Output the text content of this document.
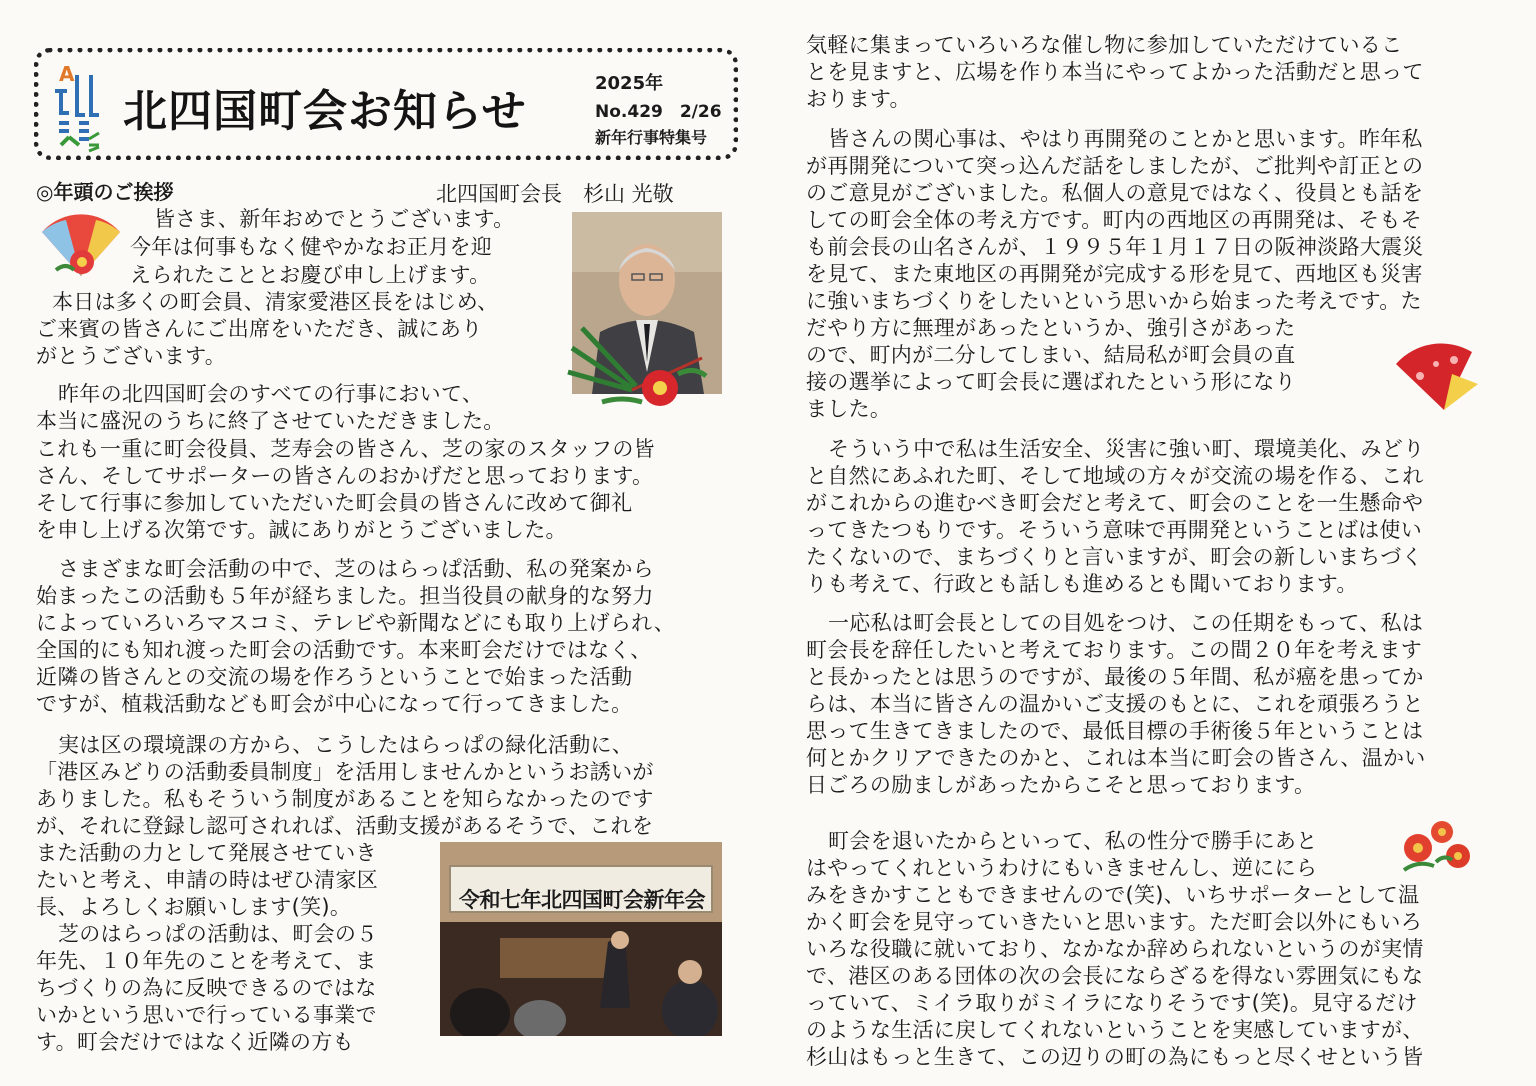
A
北四国町会お知らせ
2025年
No.429　2/26
新年行事特集号
◎年頭のご挨拶	北四国町会長　杉山 光敬
令和七年北四国町会新年会
皆さま、新年おめでとうございます。
今年は何事もなく健やかなお正月を迎
えられたこととお慶び申し上げます。
本日は多くの町会員、清家愛港区長をはじめ、
ご来賓の皆さんにご出席をいただき、誠にあり
がとうございます。
昨年の北四国町会のすべての行事において、
本当に盛況のうちに終了させていただきました。
これも一重に町会役員、芝寿会の皆さん、芝の家のスタッフの皆
さん、そしてサポーターの皆さんのおかげだと思っております。
そして行事に参加していただいた町会員の皆さんに改めて御礼
を申し上げる次第です。誠にありがとうございました。
さまざまな町会活動の中で、芝のはらっぱ活動、私の発案から
始まったこの活動も５年が経ちました。担当役員の献身的な努力
によっていろいろマスコミ、テレビや新聞などにも取り上げられ、
全国的にも知れ渡った町会の活動です。本来町会だけではなく、
近隣の皆さんとの交流の場を作ろうということで始まった活動
ですが、植栽活動なども町会が中心になって行ってきました。
実は区の環境課の方から、こうしたはらっぱの緑化活動に、
「港区みどりの活動委員制度」を活用しませんかというお誘いが
ありました。私もそういう制度があることを知らなかったのです
が、それに登録し認可されれば、活動支援があるそうで、これを
また活動の力として発展させていき
たいと考え、申請の時はぜひ清家区
長、よろしくお願いします(笑)。
芝のはらっぱの活動は、町会の５
年先、１０年先のことを考えて、ま
ちづくりの為に反映できるのではな
いかという思いで行っている事業で
す。町会だけではなく近隣の方も
気軽に集まっていろいろな催し物に参加していただけているこ
とを見ますと、広場を作り本当にやってよかった活動だと思って
おります。
皆さんの関心事は、やはり再開発のことかと思います。昨年私
が再開発について突っ込んだ話をしましたが、ご批判や訂正との
のご意見がございました。私個人の意見ではなく、役員とも話を
しての町会全体の考え方です。町内の西地区の再開発は、そもそ
も前会長の山名さんが、１９９５年１月１７日の阪神淡路大震災
を見て、また東地区の再開発が完成する形を見て、西地区も災害
に強いまちづくりをしたいという思いから始まった考えです。た
だやり方に無理があったというか、強引さがあった
ので、町内が二分してしまい、結局私が町会員の直
接の選挙によって町会長に選ばれたという形になり
ました。
そういう中で私は生活安全、災害に強い町、環境美化、みどり
と自然にあふれた町、そして地域の方々が交流の場を作る、これ
がこれからの進むべき町会だと考えて、町会のことを一生懸命や
ってきたつもりです。そういう意味で再開発ということばは使い
たくないので、まちづくりと言いますが、町会の新しいまちづく
りも考えて、行政とも話しも進めるとも聞いております。
一応私は町会長としての目処をつけ、この任期をもって、私は
町会長を辞任したいと考えております。この間２０年を考えます
と長かったとは思うのですが、最後の５年間、私が癌を患ってか
らは、本当に皆さんの温かいご支援のもとに、これを頑張ろうと
思って生きてきましたので、最低目標の手術後５年ということは
何とかクリアできたのかと、これは本当に町会の皆さん、温かい
日ごろの励ましがあったからこそと思っております。
町会を退いたからといって、私の性分で勝手にあと
はやってくれというわけにもいきませんし、逆ににら
みをきかすこともできませんので(笑)、いちサポーターとして温
かく町会を見守っていきたいと思います。ただ町会以外にもいろ
いろな役職に就いており、なかなか辞められないというのが実情
で、港区のある団体の次の会長にならざるを得ない雰囲気にもな
っていて、ミイラ取りがミイラになりそうです(笑)。見守るだけ
のような生活に戻してくれないということを実感していますが、
杉山はもっと生きて、この辺りの町の為にもっと尽くせという皆
